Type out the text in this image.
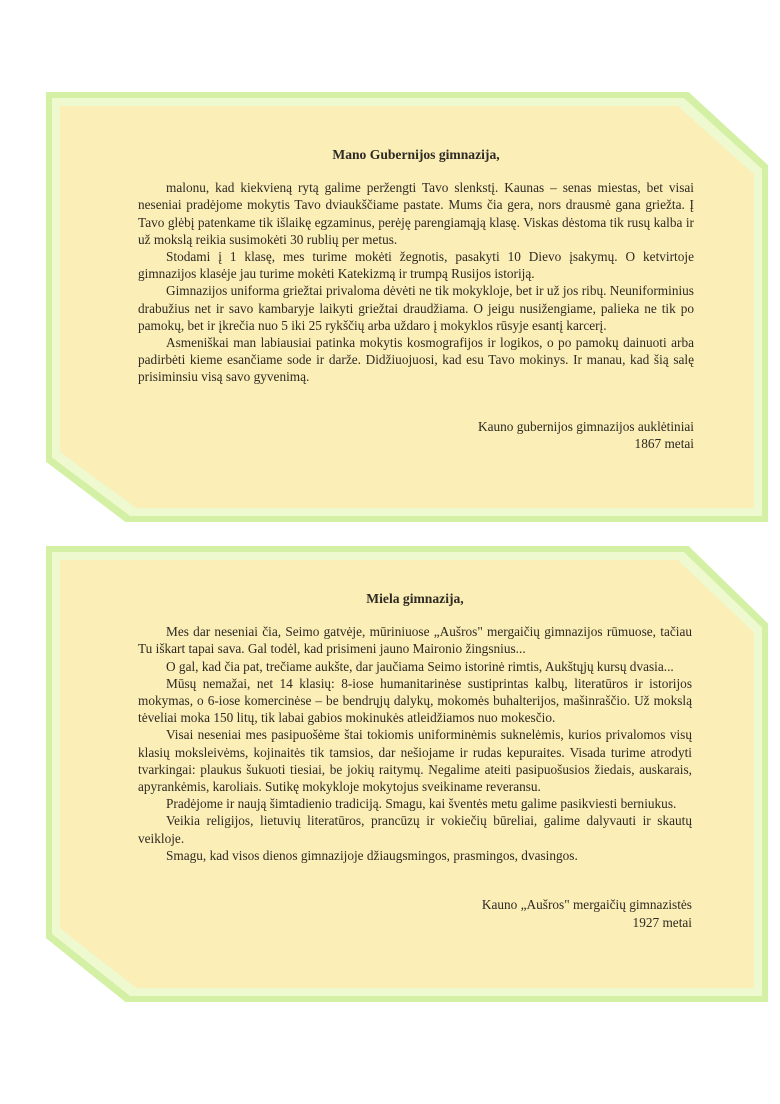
Mano Gubernijos gimnazija,

malonu, kad kiekvieną rytą galime peržengti Tavo slenkstį. Kaunas – senas miestas, bet visai neseniai pradėjome mokytis Tavo dviaukščiame pastate. Mums čia gera, nors drausmė gana griežta. Į Tavo glėbį patenkame tik išlaikę egzaminus, perėję parengiamąją klasę. Viskas dėstoma tik rusų kalba ir už mokslą reikia susimokėti 30 rublių per metus.

Stodami į 1 klasę, mes turime mokėti žegnotis, pasakyti 10 Dievo įsakymų. O ketvirtoje gimnazijos klasėje jau turime mokėti Katekizmą ir trumpą Rusijos istoriją.

Gimnazijos uniforma griežtai privaloma dėvėti ne tik mokykloje, bet ir už jos ribų. Neuniforminius drabužius net ir savo kambaryje laikyti griežtai draudžiama. O jeigu nusižengiame, palieka ne tik po pamokų, bet ir įkrečia nuo 5 iki 25 rykščių arba uždaro į mokyklos rūsyje esantį karcerį.

Asmeniškai man labiausiai patinka mokytis kosmografijos ir logikos, o po pamokų dainuoti arba padirbėti kieme esančiame sode ir darže. Didžiuojuosi, kad esu Tavo mokinys. Ir manau, kad šią salę prisiminsiu visą savo gyvenimą.

Kauno gubernijos gimnazijos auklėtiniai
1867 metai

Miela gimnazija,

Mes dar neseniai čia, Seimo gatvėje, mūriniuose „Aušros" mergaičių gimnazijos rūmuose, tačiau Tu iškart tapai sava. Gal todėl, kad prisimeni jauno Maironio žingsnius...

O gal, kad čia pat, trečiame aukšte, dar jaučiama Seimo istorinė rimtis, Aukštųjų kursų dvasia...

Mūsų nemažai, net 14 klasių: 8-iose humanitarinėse sustiprintas kalbų, literatūros ir istorijos mokymas, o 6-iose komercinėse – be bendrųjų dalykų, mokomės buhalterijos, mašinraščio. Už mokslą tėveliai moka 150 litų, tik labai gabios mokinukės atleidžiamos nuo mokesčio.

Visai neseniai mes pasipuošėme štai tokiomis uniforminėmis suknelėmis, kurios privalomos visų klasių moksleivėms, kojinaitės tik tamsios, dar nešiojame ir rudas kepuraites. Visada turime atrodyti tvarkingai: plaukus šukuoti tiesiai, be jokių raitymų. Negalime ateiti pasipuošusios žiedais, auskarais, apyrankėmis, karoliais. Sutikę mokykloje mokytojus sveikiname reveransu.

Pradėjome ir naują šimtadienio tradiciją. Smagu, kai šventės metu galime pasikviesti berniukus.

Veikia religijos, lietuvių literatūros, prancūzų ir vokiečių būreliai, galime dalyvauti ir skautų veikloje.

Smagu, kad visos dienos gimnazijoje džiaugsmingos, prasmingos, dvasingos.

Kauno „Aušros" mergaičių gimnazistės
1927 metai
